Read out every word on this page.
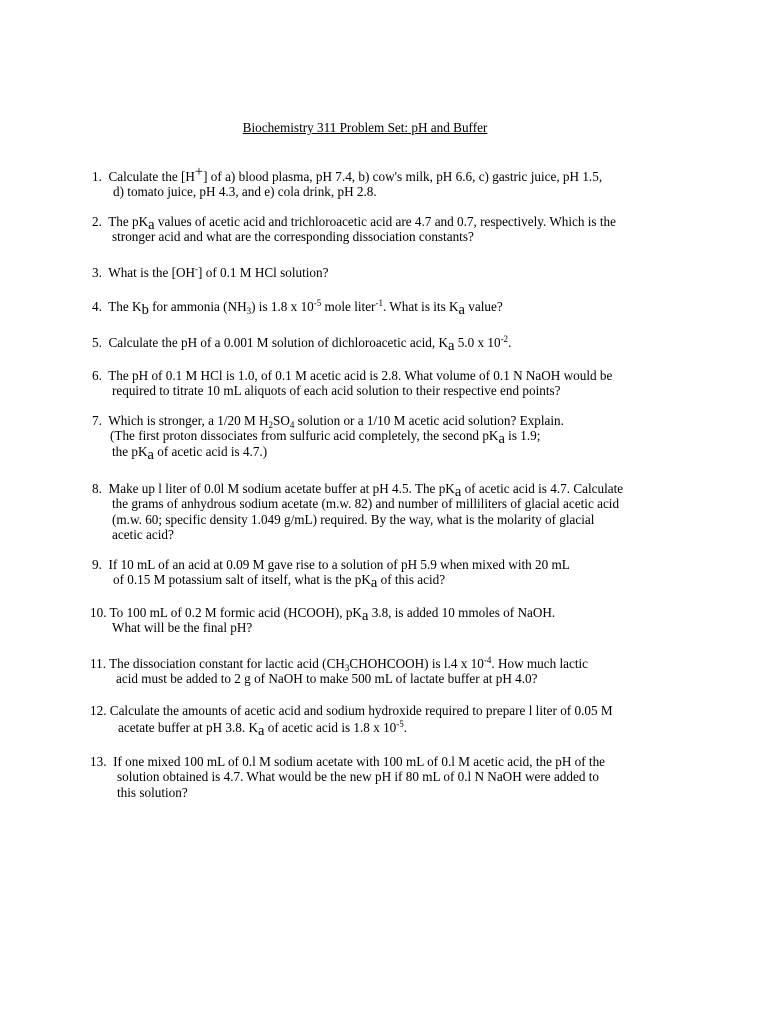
Biochemistry 311 Problem Set: pH and Buffer
1. Calculate the [H+] of a) blood plasma, pH 7.4, b) cow's milk, pH 6.6, c) gastric juice, pH 1.5,
d) tomato juice, pH 4.3, and e) cola drink, pH 2.8.
2. The $pK_a$ values of acetic acid and trichloroacetic acid are 4.7 and 0.7, respectively. Which is the
stronger acid and what are the corresponding dissociation constants?
3. What is the [OH-] of 0.1 M HCl solution?
4. The $K_b$ for ammonia $(NH_3)$ is 1.8 x $10^{-5}$ mole liter$^{-1}$. What is its $K_a$ value?
5. Calculate the pH of a 0.001 M solution of dichloroacetic acid, $K_a$ 5.0 x $10^{-2}$.
6. The pH of 0.1 M HCl is 1.0, of 0.1 M acetic acid is 2.8. What volume of 0.1 N NaOH would be
required to titrate 10 mL aliquots of each acid solution to their respective end points?
7. Which is stronger, a 1/20 M $H_2SO_4$ solution or a 1/10 M acetic acid solution? Explain.
(The first proton dissociates from sulfuric acid completely, the second $pK_a$ is 1.9;
the $pK_a$ of acetic acid is 4.7.)
8. Make up l liter of 0.0l M sodium acetate buffer at pH 4.5. The $pK_a$ of acetic acid is 4.7. Calculate
the grams of anhydrous sodium acetate (m.w. 82) and number of milliliters of glacial acetic acid
(m.w. 60; specific density 1.049 g/mL) required. By the way, what is the molarity of glacial
acetic acid?
9. If 10 mL of an acid at 0.09 M gave rise to a solution of pH 5.9 when mixed with 20 mL
of 0.15 M potassium salt of itself, what is the $pK_a$ of this acid?
10. To 100 mL of 0.2 M formic acid (HCOOH), $pK_a$ 3.8, is added 10 mmoles of NaOH.
What will be the final pH?
11. The dissociation constant for lactic acid $(CH_3CHOHCOOH)$ is l.4 x $10^{-4}$. How much lactic
acid must be added to 2 g of NaOH to make 500 mL of lactate buffer at pH 4.0?
12. Calculate the amounts of acetic acid and sodium hydroxide required to prepare l liter of 0.05 M
acetate buffer at pH 3.8. $K_a$ of acetic acid is 1.8 x $10^{-5}$.
13. If one mixed 100 mL of 0.l M sodium acetate with 100 mL of 0.l M acetic acid, the pH of the
solution obtained is 4.7. What would be the new pH if 80 mL of 0.l N NaOH were added to
this solution?
